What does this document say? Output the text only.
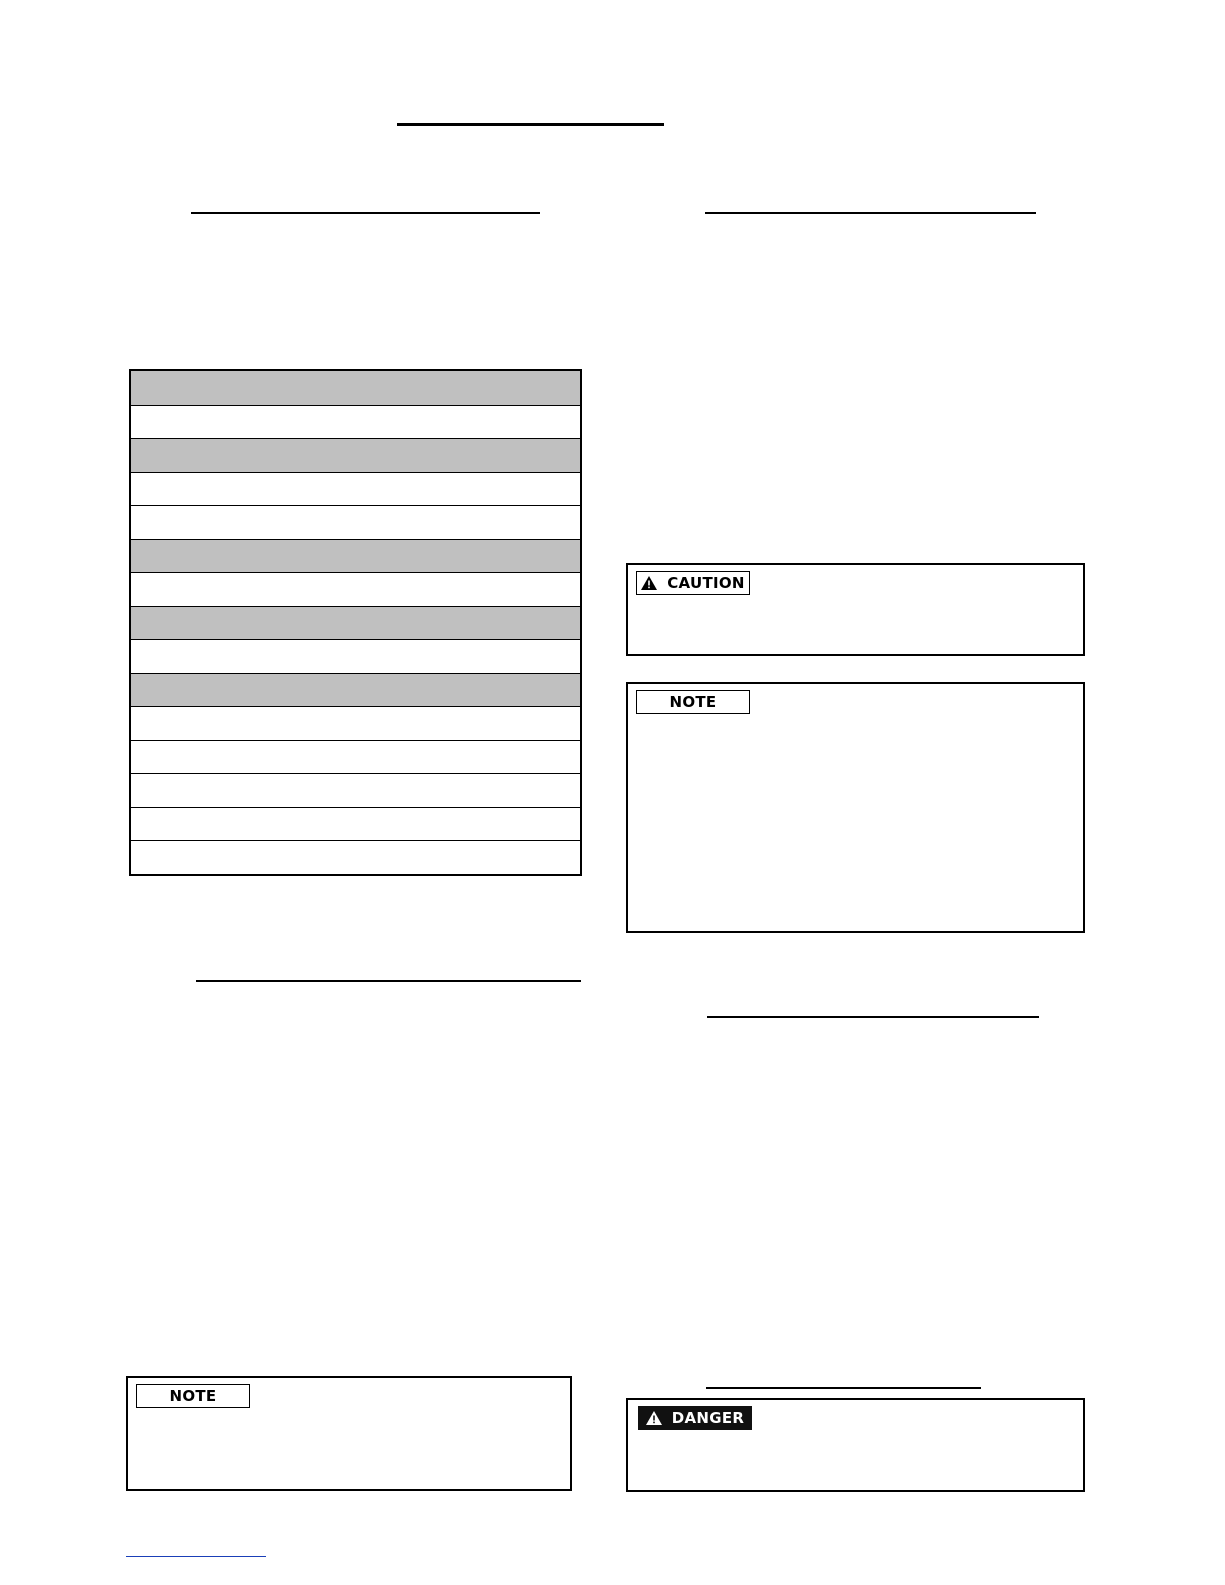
CAUTION
NOTE
NOTE
DANGER
